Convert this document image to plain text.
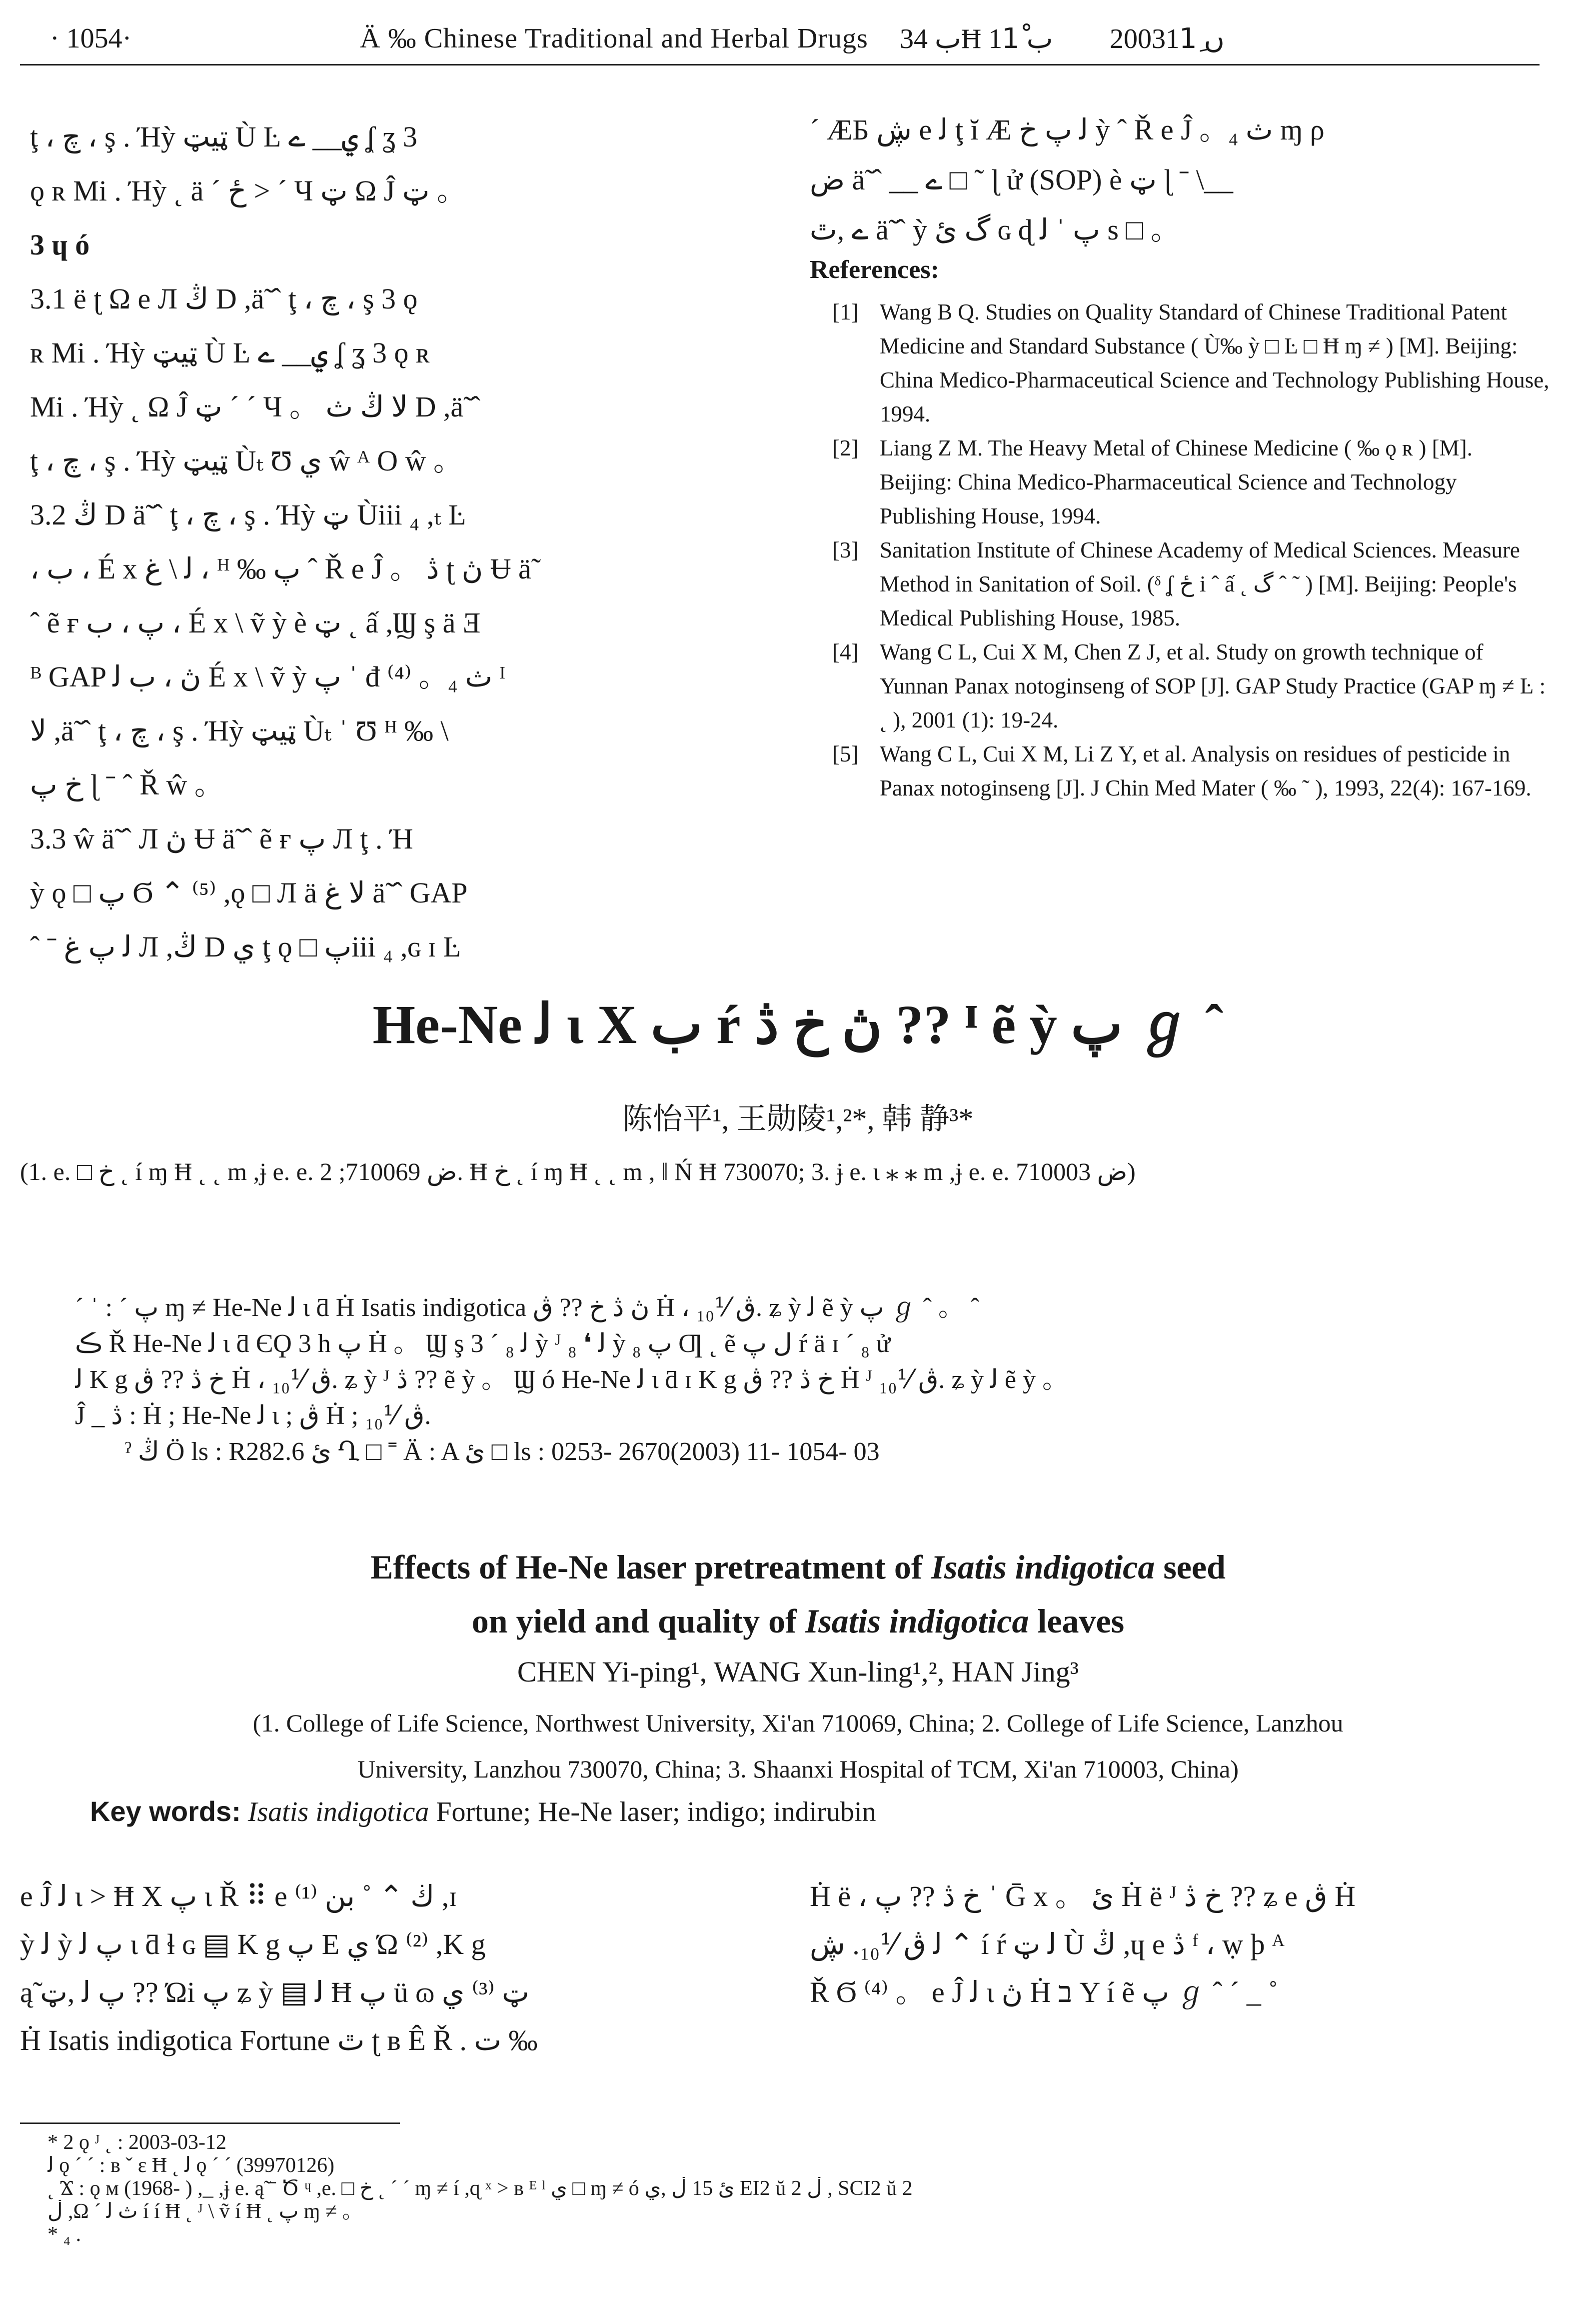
· 1054·	Ä ‰ Chinese Traditional and Herbal Drugs ب 34Ħ ب 11ْ 2003ں 11ِ
ţ ، چ ، ş . Ήỳ ټيټ Ù Ŀ ي__ ے ʆ ʓ 3
ǫ ʀ Mi . Ήỳ ˛ ä ˊ ځ > ˊ Ч ټ Ω Ĵ ټ 。
3 ɥ ó
3.1 ë ʈ Ω e Л ڭ D ,ä̃ ˆ ţ ، چ ، ş 3 ǫ
ʀ Mi . Ήỳ ټيټ Ù Ŀ ي__ ے ʆ ʓ 3 ǫ ʀ
Mi . Ήỳ ˛ Ω Ĵ ټ ˊ ˊ Ч 。 ﻻ ڭ ث D ,ä̃ ˆ
ţ ، چ ، ş . Ήỳ ټيټ Ùₜ Ʊ ي ŵ ᴬ O ŵ 。
3.2 ڭ D ä̃ ˆ ţ ، چ ، ş . Ήỳ ټ Ùiii ₄ ,ₜ Ŀ
، ب ، É x ﻟ \ غ ، ᴴ ‰ پ ˆ Ř e Ĵ 。 ڎ ʈ ڽ Ʉ ä̃
ˆ ẽ ғ پ ، ب ، É x \ ṽ ỳ è ټ ˛ ấ ,Ϣ ş ä Ǝ
ᴮ GAP ڽ ، ب ﻟ É x \ ṽ ỳ پ ˈ đ ⁽⁴⁾ 。₄ ث ᴵ
ﻻ ,ä̃ ˆ ţ ، چ ، ş . Ήỳ ټيټ Ùₜ ˈ Ʊ ᴴ ‰ \
خ پ ɭ ˉ ˆ Ř ŵ 。
3.3 ŵ ä̃ ˆ Л ڽ Ʉ ä̃ ˆ ẽ ғ پ Л ţ . Ή
ỳ ǫ □ پ Ϭ ⌃ ⁽⁵⁾ ,ǫ □ Л ä ﻻ غ ä̃ ˆ GAP
ˆ ˉ ﻟ پ غ Л ,ڭ D ي ţ ǫ □ پiii ₄ ,ɢ ɪ Ŀ
ˊ ÆƂ ڜ e ﻟ ţ ĭ Æ ﻟ پ خ ỳ ˆ Ř e Ĵ 。₄ ث ɱ ρ
ض ä̃ ˆ __ ے □ ˜ ɭ ử (SOP) è ټ ɭ ˉ \__
ے ,ٿ ä̃ ˆ ỳ گ ئ ɢ ɖ پ ˈ ﻟ s □ 。
References:
[1] Wang B Q. Studies on Quality Standard of Chinese Traditional Patent Medicine and Standard Substance ( Ù‰ ỳ □ Ŀ □ Ħ ɱ ≠ ) [M]. Beijing: China Medico-Pharmaceutical Science and Technology Publishing House, 1994.
[2] Liang Z M. The Heavy Metal of Chinese Medicine ( ‰ ǫ ʀ ) [M]. Beijing: China Medico-Pharmaceutical Science and Technology Publishing House, 1994.
[3] Sanitation Institute of Chinese Academy of Medical Sciences. Measure Method in Sanitation of Soil. (ᵟ ʆ ځ i ˆ ấ ˛ گ ˆ ˜ ) [M]. Beijing: People's Medical Publishing House, 1985.
[4] Wang C L, Cui X M, Chen Z J, et al. Study on growth technique of Yunnan Panax notoginseng of SOP [J]. GAP Study Practice (GAP ɱ ≠ Ŀ : ˛ ), 2001 (1): 19-24.
[5] Wang C L, Cui X M, Li Z Y, et al. Analysis on residues of pesticide in Panax notoginseng [J]. J Chin Med Mater ( ‰ ˜ ), 1993, 22(4): 167-169.
He-Ne ﻟ ɩ X ب ŕ ڽ خ ڎ ?? ᴵ ẽ ỳ پ ℊ ˆ
陈怡平¹, 王勋陵¹,²*, 韩 静³*
(1. e. □ خ ˛ í ɱ Ħ ˛ ˛ m ,ɉ e. e. ض 710069; 2. Ħ خ ˛ í ɱ Ħ ˛ ˛ m , ǁ Ń Ħ 730070; 3. ɉ e. ɩ ⁎ ⁎ m ,ɉ e. e. ض 710003)
ˊ ˈ : ˊ پ ɱ ≠ He-Ne ﻟ ɩ ƌ Ḣ Isatis indigotica ڽ ڎ خ ?? ڨ Ḣ ، ڨ ⅟₁₀. ʑ ỳ ﻟ ẽ ỳ پ ℊ ˆ 。 ˆ
ڪ Ř He-Ne ﻟ ɩ ƌ ЄϘ 3 h پ Ḣ 。 Ϣ ş 3 ˊ ₈ ﻟ ỳ ᴶ ₈ ❛ ﻟ ỳ پ ₈ Ƣ ˛ ẽ ل پ ŕ ä ɪ ˊ ₈ ử
ﻟ K g خ ڎ ?? ڨ Ḣ ، ڨ ⅟₁₀. ʑ ỳ ᴶ ڎ ?? ẽ ỳ 。 Ϣ ó He-Ne ﻟ ɩ ƌ ɪ K g خ ڎ ?? ڨ Ḣ ᴶ ڨ ⅟₁₀. ʑ ỳ ﻟ ẽ ỳ 。
Ĵ _ ڎ : Ḣ ; He-Ne ﻟ ɩ ; ڨ Ḣ ; ڨ ⅟₁₀.
ˀ ڭ Ö ls : R282.6 ئ Ղ □ ˭ Ä : A ئ □ ls : 0253- 2670(2003) 11- 1054- 03
Effects of He-Ne laser pretreatment of Isatis indigotica seed
on yield and quality of Isatis indigotica leaves
CHEN Yi-ping¹, WANG Xun-ling¹,², HAN Jing³
(1. College of Life Science, Northwest University, Xi'an 710069, China; 2. College of Life Science, Lanzhou
University, Lanzhou 730070, China; 3. Shaanxi Hospital of TCM, Xi'an 710003, China)
Key words: Isatis indigotica Fortune; He-Ne laser; indigo; indirubin
e Ĵ ﻟ ɩ > Ħ Χ پ ɩ Ř ⠿ e ڬ ⌃ ˚ بن ⁽¹⁾ ,ɪ
ỳ ﻟ ỳ پ ﻟ ɩ ƌ ɬ ɢ ▤ K g پ E ي Ώ ⁽²⁾ ,K g
ą̃ پ ﻟ ,ټ ?? Ώi پ ʑ ỳ ▤ ﻟ Ħ پ ü ɷ ټ ⁽³⁾ ي
Ḣ Isatis indigotica Fortune ٿ ʈ ʙ Ê Ř . ت ‰
Ḣ ë ، خ ڎ ?? پ ˈ Ḡ x 。 ئ Ḣ ë ᴶ خ ڎ ?? ʑ e ڨ Ḣ
ﻟ ڨ ⅟₁₀. ڜ ⌃ í ŕ ﻟ ټ Ù ڭ ,ɥ e ڎ ᶠ ، ẉ ϸ ᴬ
Ř Ϭ ⁽⁴⁾ 。 e Ĵ ﻟ ɩ ڽ Ḣ ב Y í ẽ پ ℊ ˆ ˊ _ ˚
* 2 ǫ ᴶ ˛ : 2003-03-12
ﻟ ǫ ˊ ˊ : ʙ ˇ ɛ Ħ ˛ ﻟ ǫ ˊ ˊ (39970126)
˛ Ϫ : ǫ ᴍ (1968- ) ,_ ,ɉ e. ą̃ ˉ Ծ ᶣ ,e. □ خ ˛ ˊ ˊ ɱ ≠ í ,ɋ ˣ > ʙ ᴱ ˡ ي □ ɱ ≠ ó ئ 15 ڵ ,ي EI2 ŭ 2 ڵ , SCI2 ŭ 2
ڵ ,Ω ˊ ث ﻟ í í Ħ ˛ ᴶ \ ṽ í Ħ ˛ پ ɱ ≠ 。
* ₄ .
